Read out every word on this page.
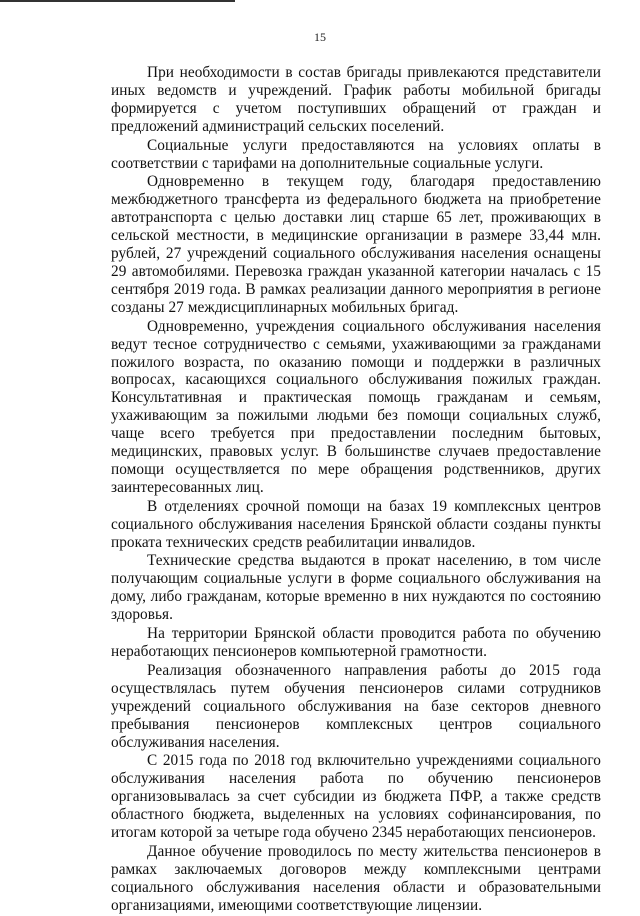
15

При необходимости в состав бригады привлекаются представители иных ведомств и учреждений. График работы мобильной бригады формируется с учетом поступивших обращений от граждан и предложений администраций сельских поселений.

Социальные услуги предоставляются на условиях оплаты в соответствии с тарифами на дополнительные социальные услуги.

Одновременно в текущем году, благодаря предоставлению межбюджетного трансферта из федерального бюджета на приобретение автотранспорта с целью доставки лиц старше 65 лет, проживающих в сельской местности, в медицинские организации в размере 33,44 млн. рублей, 27 учреждений социального обслуживания населения оснащены 29 автомобилями. Перевозка граждан указанной категории началась с 15 сентября 2019 года. В рамках реализации данного мероприятия в регионе созданы 27 междисциплинарных мобильных бригад.

Одновременно, учреждения социального обслуживания населения ведут тесное сотрудничество с семьями, ухаживающими за гражданами пожилого возраста, по оказанию помощи и поддержки в различных вопросах, касающихся социального обслуживания пожилых граждан. Консультативная и практическая помощь гражданам и семьям, ухаживающим за пожилыми людьми без помощи социальных служб, чаще всего требуется при предоставлении последним бытовых, медицинских, правовых услуг. В большинстве случаев предоставление помощи осуществляется по мере обращения родственников, других заинтересованных лиц.

В отделениях срочной помощи на базах 19 комплексных центров социального обслуживания населения Брянской области созданы пункты проката технических средств реабилитации инвалидов.

Технические средства выдаются в прокат населению, в том числе получающим социальные услуги в форме социального обслуживания на дому, либо гражданам, которые временно в них нуждаются по состоянию здоровья.

На территории Брянской области проводится работа по обучению неработающих пенсионеров компьютерной грамотности.

Реализация обозначенного направления работы до 2015 года осуществлялась путем обучения пенсионеров силами сотрудников учреждений социального обслуживания на базе секторов дневного пребывания пенсионеров комплексных центров социального обслуживания населения.

С 2015 года по 2018 год включительно учреждениями социального обслуживания населения работа по обучению пенсионеров организовывалась за счет субсидии из бюджета ПФР, а также средств областного бюджета, выделенных на условиях софинансирования, по итогам которой за четыре года обучено 2345 неработающих пенсионеров.

Данное обучение проводилось по месту жительства пенсионеров в рамках заключаемых договоров между комплексными центрами социального обслуживания населения области и образовательными организациями, имеющими соответствующие лицензии.
